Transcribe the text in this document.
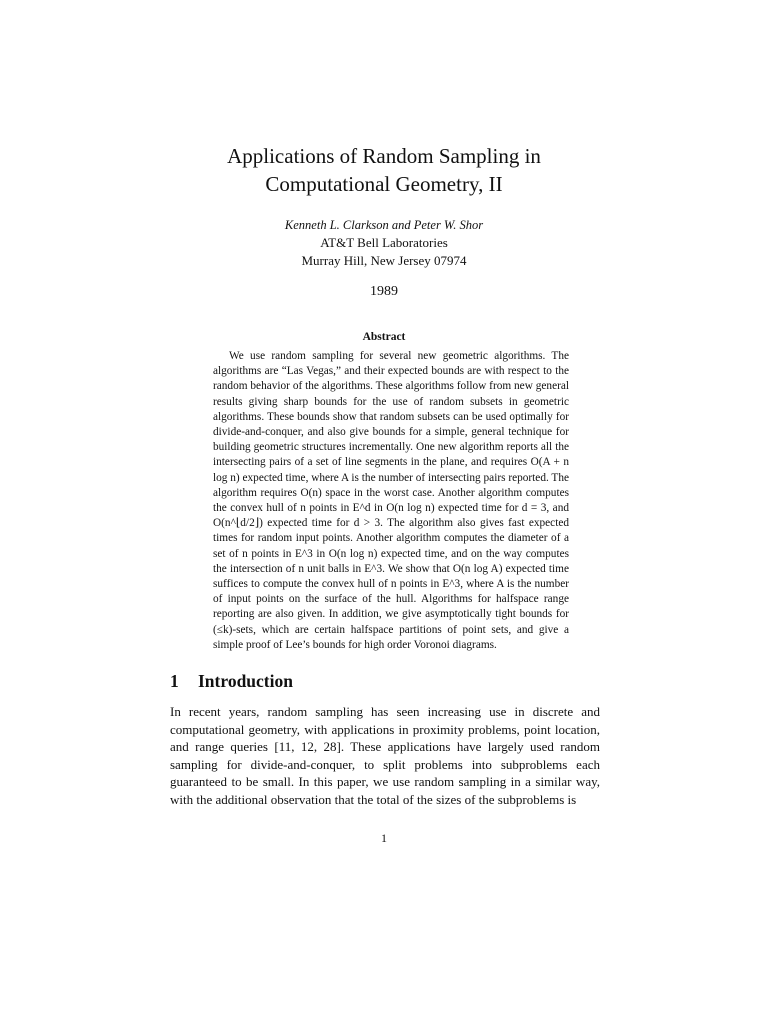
Applications of Random Sampling in
Computational Geometry, II
Kenneth L. Clarkson and Peter W. Shor
AT&T Bell Laboratories
Murray Hill, New Jersey 07974
1989
Abstract

We use random sampling for several new geometric algorithms. The algorithms are “Las Vegas,” and their expected bounds are with respect to the random behavior of the algorithms. These algorithms follow from new general results giving sharp bounds for the use of random subsets in geometric algorithms. These bounds show that random subsets can be used optimally for divide-and-conquer, and also give bounds for a simple, general technique for building geometric structures incrementally. One new algorithm reports all the intersecting pairs of a set of line segments in the plane, and requires O(A + n log n) expected time, where A is the number of intersecting pairs reported. The algorithm requires O(n) space in the worst case. Another algorithm computes the convex hull of n points in E^d in O(n log n) expected time for d = 3, and O(n^⌊d/2⌋) expected time for d > 3. The algorithm also gives fast expected times for random input points. Another algorithm computes the diameter of a set of n points in E^3 in O(n log n) expected time, and on the way computes the intersection of n unit balls in E^3. We show that O(n log A) expected time suffices to compute the convex hull of n points in E^3, where A is the number of input points on the surface of the hull. Algorithms for halfspace range reporting are also given. In addition, we give asymptotically tight bounds for (≤k)-sets, which are certain halfspace partitions of point sets, and give a simple proof of Lee’s bounds for high order Voronoi diagrams.

1 Introduction

In recent years, random sampling has seen increasing use in discrete and computational geometry, with applications in proximity problems, point location, and range queries [11, 12, 28]. These applications have largely used random sampling for divide-and-conquer, to split problems into subproblems each guaranteed to be small. In this paper, we use random sampling in a similar way, with the additional observation that the total of the sizes of the subproblems is

1
